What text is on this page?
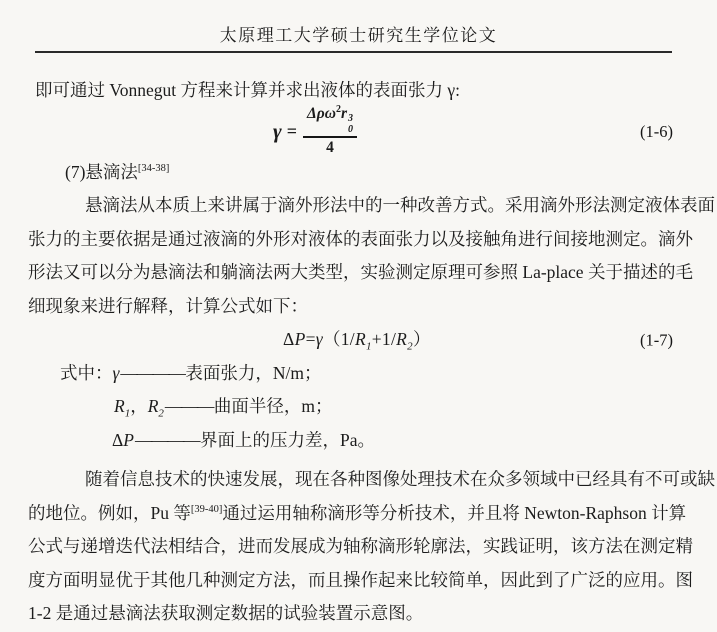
太原理工大学硕士研究生学位论文
即可通过 Vonnegut 方程来计算并求出液体的表面张力 γ:
γ = Δρω$^2$r 3
0
4	(1-6)
(7)悬滴法[34-38]
悬滴法从本质上来讲属于滴外形法中的一种改善方式。采用滴外形法测定液体表面
张力的主要依据是通过液滴的外形对液体的表面张力以及接触角进行间接地测定。滴外
形法又可以分为悬滴法和躺滴法两大类型，实验测定原理可参照 La-place 关于描述的毛
细现象来进行解释，计算公式如下：
$\Delta P=\gamma(1/R_1+1/R_2)$	(1-7)
式中：γ————表面张力，N/m；
$R_1$，$R_2———$曲面半径，m；
ΔP————界面上的压力差，Pa。
随着信息技术的快速发展，现在各种图像处理技术在众多领域中已经具有不可或缺
的地位。例如，Pu 等[39-40]通过运用轴称滴形等分析技术，并且将 Newton-Raphson 计算
公式与递增迭代法相结合，进而发展成为轴称滴形轮廓法，实践证明，该方法在测定精
度方面明显优于其他几种测定方法，而且操作起来比较简单，因此到了广泛的应用。图
1-2 是通过悬滴法获取测定数据的试验装置示意图。
